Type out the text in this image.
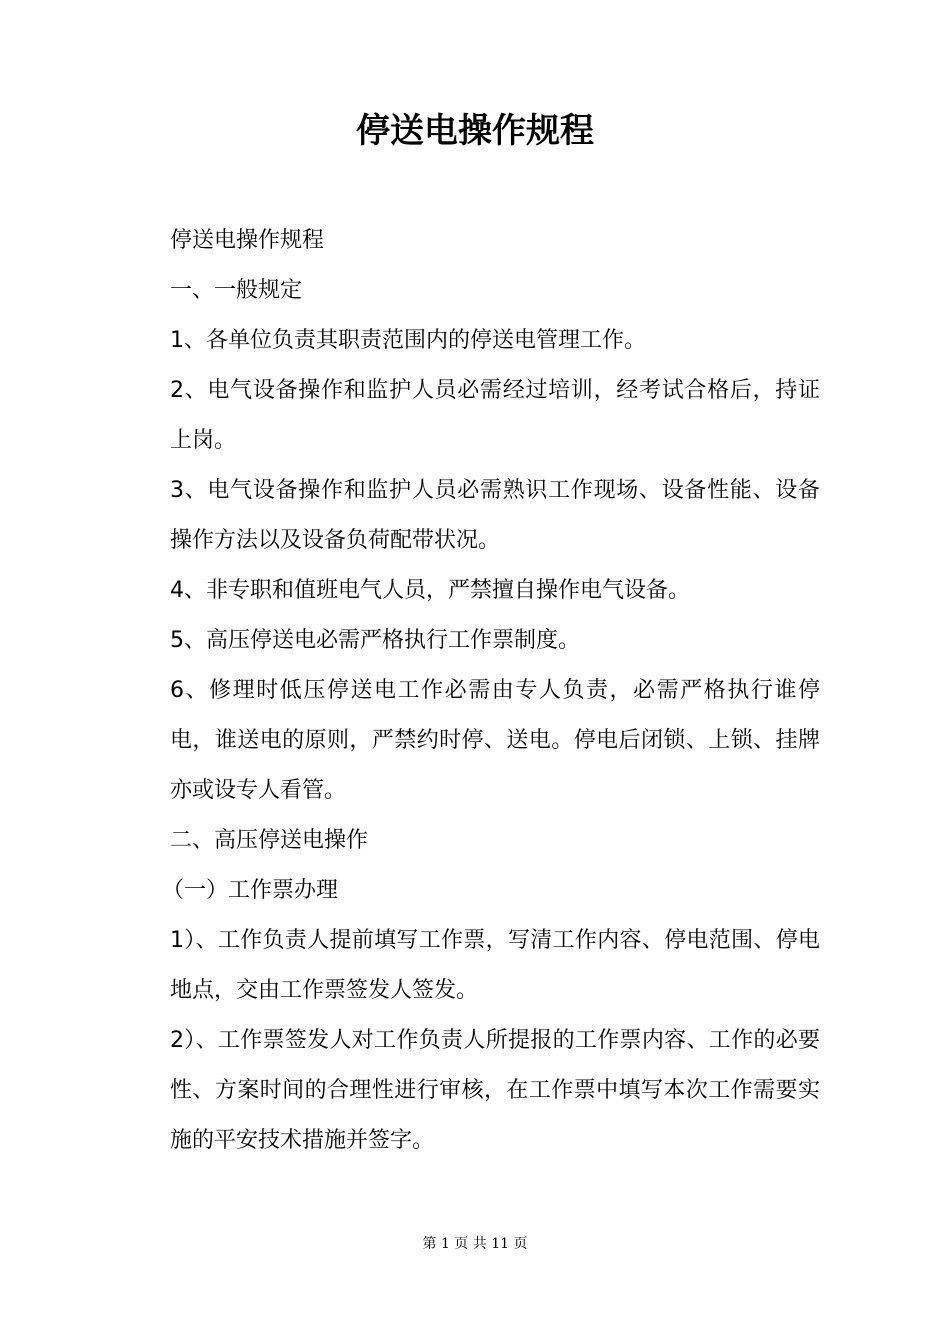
停送电操作规程

停送电操作规程

一、一般规定

1、各单位负责其职责范围内的停送电管理工作。

2、电气设备操作和监护人员必需经过培训，经考试合格后，持证上岗。

3、电气设备操作和监护人员必需熟识工作现场、设备性能、设备操作方法以及设备负荷配带状况。

4、非专职和值班电气人员，严禁擅自操作电气设备。

5、高压停送电必需严格执行工作票制度。

6、修理时低压停送电工作必需由专人负责，必需严格执行谁停电，谁送电的原则，严禁约时停、送电。停电后闭锁、上锁、挂牌亦或设专人看管。

二、高压停送电操作

（一）工作票办理

1）、工作负责人提前填写工作票，写清工作内容、停电范围、停电地点，交由工作票签发人签发。

2）、工作票签发人对工作负责人所提报的工作票内容、工作的必要性、方案时间的合理性进行审核，在工作票中填写本次工作需要实施的平安技术措施并签字。

第 1 页 共 11 页
